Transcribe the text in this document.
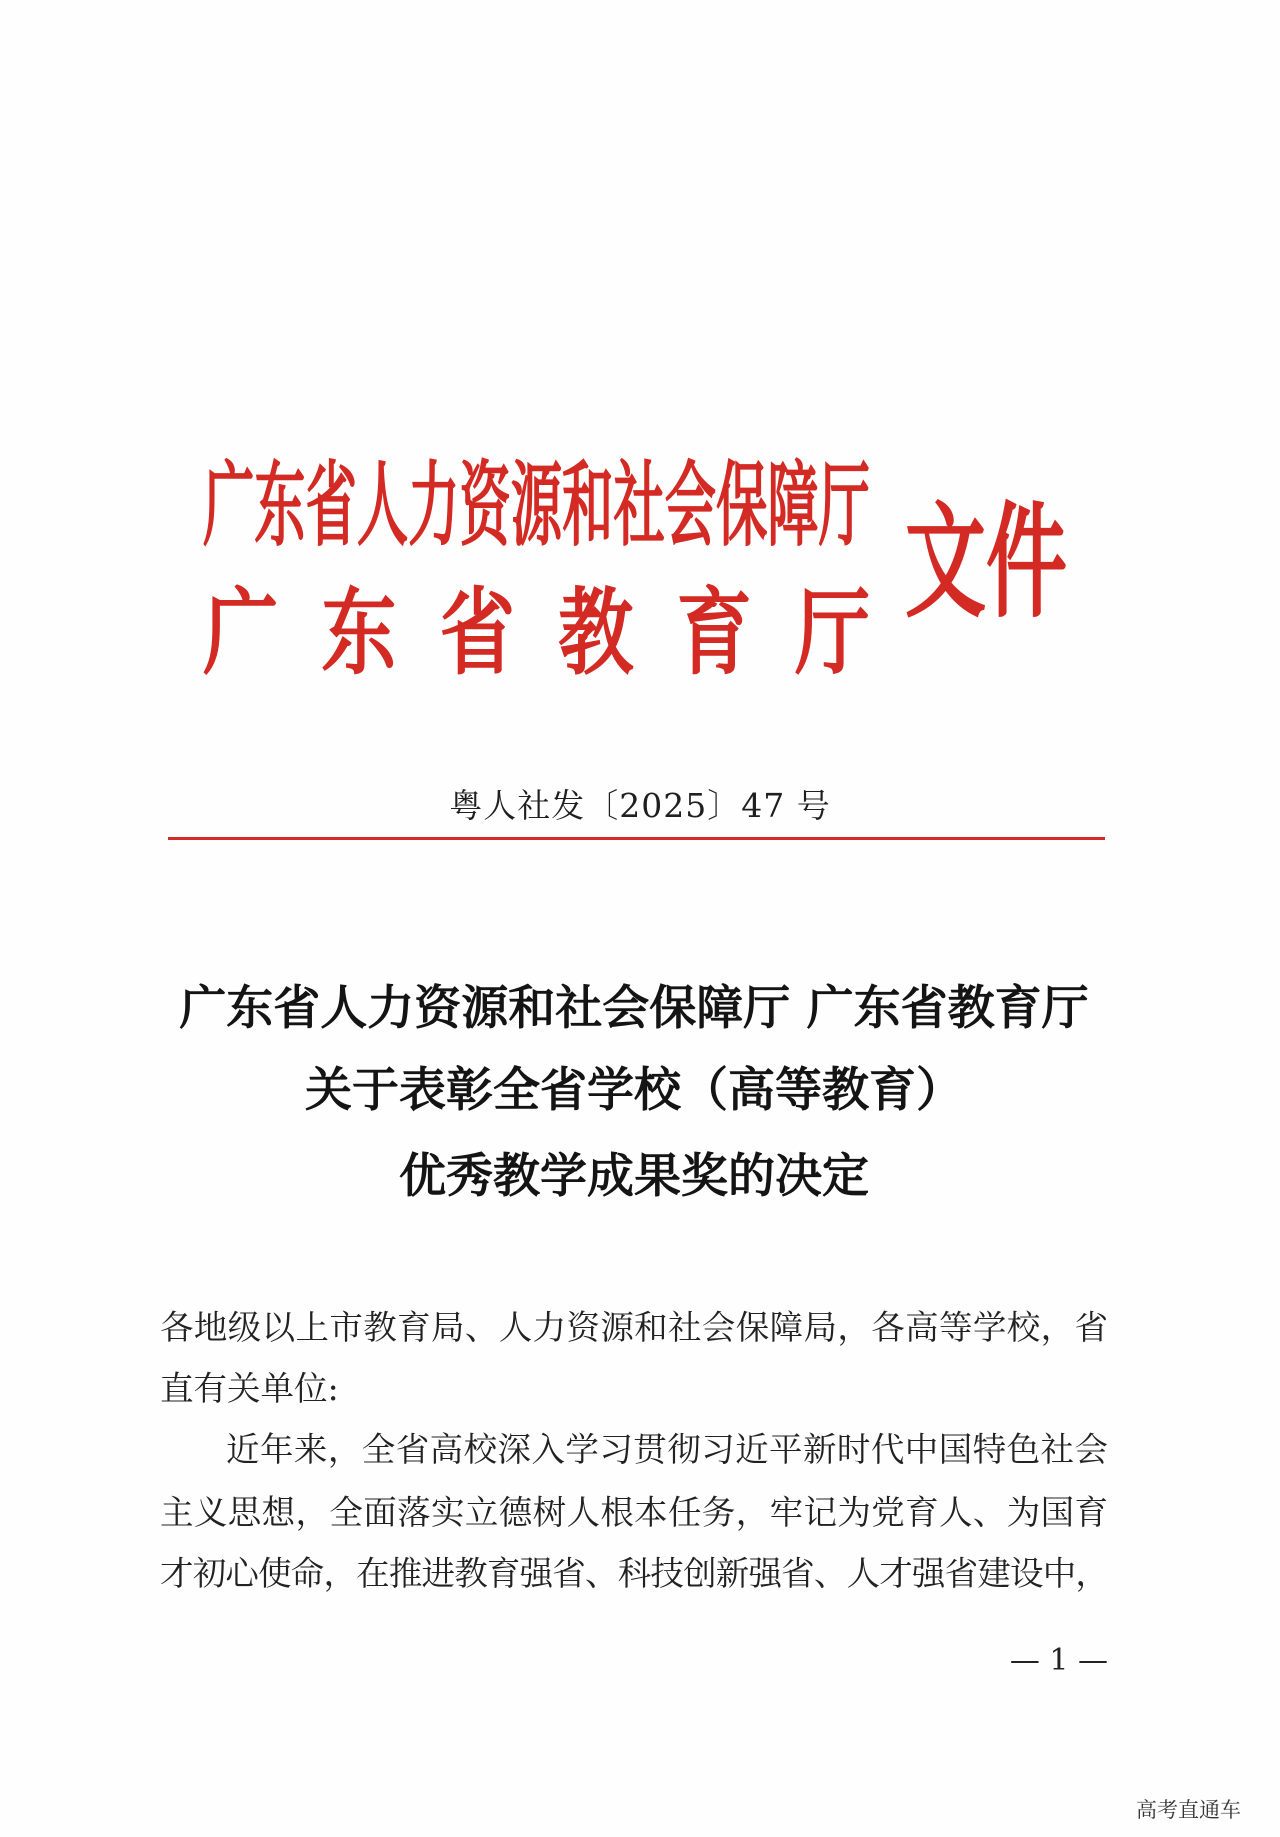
广东省人力资源和社会保障厅
广东省教育厅 文件
粤人社发〔2025〕47 号
广东省人力资源和社会保障厅 广东省教育厅
关于表彰全省学校（高等教育）
优秀教学成果奖的决定
各地级以上市教育局、人力资源和社会保障局，各高等学校，省
直有关单位:
近年来，全省高校深入学习贯彻习近平新时代中国特色社会
主义思想，全面落实立德树人根本任务，牢记为党育人、为国育
才初心使命，在推进教育强省、科技创新强省、人才强省建设中，
— 1 —
高考直通车
